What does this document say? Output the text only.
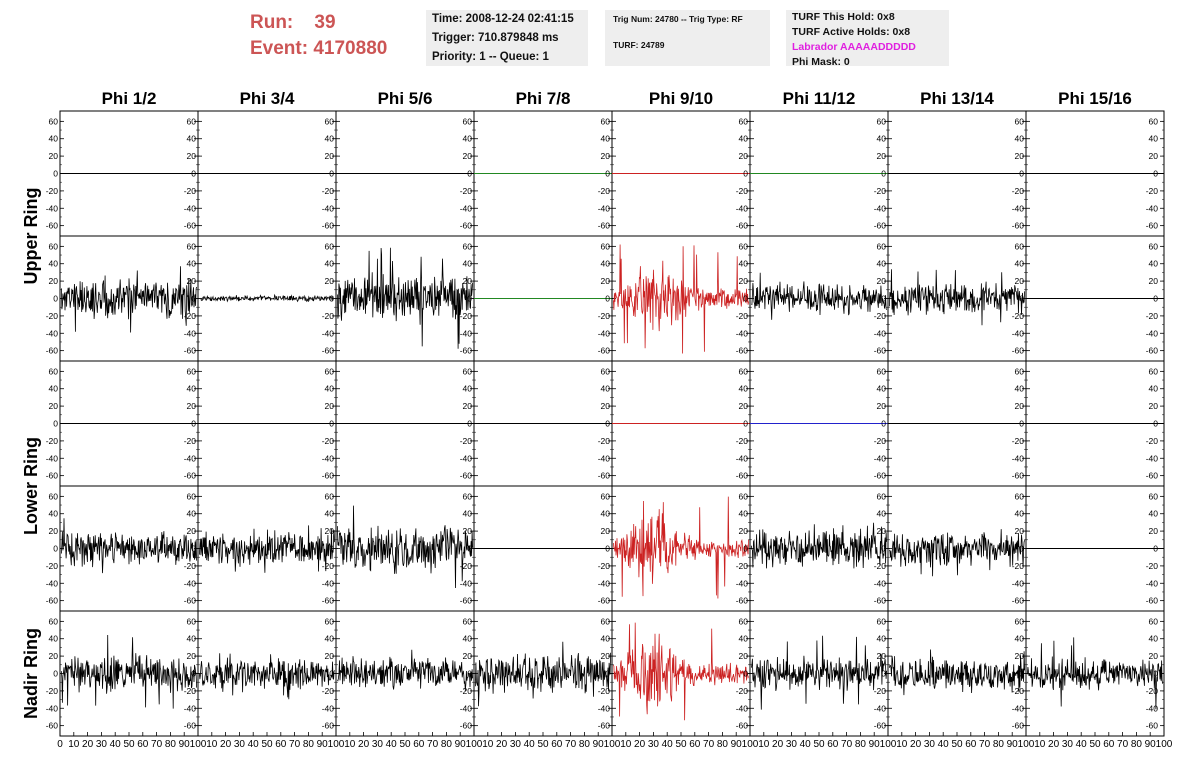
Run: 39
Event: 4170880
Time: 2008-12-24 02:41:15
Trigger: 710.879848 ms
Priority: 1 -- Queue: 1
Trig Num: 24780 -- Trig Type: RF
TURF: 24789
TURF This Hold: 0x8
TURF Active Holds: 0x8
Labrador AAAAADDDDD
Phi Mask: 0
Phi 1/2	Phi 3/4	Phi 5/6	Phi 7/8	Phi 9/10	Phi 11/12	Phi 13/14	Phi 15/16
Upper Ring
Lower Ring
Nadir Ring
60
40
20
0
-20
-40
-60
60
40
20
0
-20
-40
-60
60
40
20
0
-20
-40
-60
60
40
20
0
-20
-40
-60
60
40
20
0
-20
-40
-60
60
40
20
0
-20
-40
-60
60
40
20
0
-20
-40
-60
60	60
40	40
20	20
0	0
-20	-20
-40	-40
-60	-60
60
40
20
0
-20
-40
-60
60
40
20
0
-20
-40
-60
60
40
20
0
-20
-40
-60
60
40
20
0
-20
-40
-60
60
40
20
0
-20
-40
-60
60
40
20
0
-20
-40
-60
60
40
20
0
-20
-40
-60
60	60
40	40
20	20
0	0
-20	-20
-40	-40
-60	-60
60
40
20
0
-20
-40
-60
60
40
20
0
-20
-40
-60
60
40
20
0
-20
-40
-60
60
40
20
0
-20
-40
-60
60
40
20
0
-20
-40
-60
60
40
20
0
-20
-40
-60
60
40
20
0
-20
-40
-60
60	60
40	40
20	20
0	0
-20	-20
-40	-40
-60	-60
60
40
20
0
-20
-40
-60
60
40
20
0
-20
-40
-60
60
40
20
0
-20
-40
-60
60
40
20
0
-20
-40
-60
60
40
20
0
-20
-40
-60
60
40
20
0
-20
-40
-60
60
40
20
0
-20
-40
-60
60	60
40	40
20	20
0	0
-20	-20
-40	-40
-60	-60
60
40
20
0
-20
-40
-60
60
40
20
0
-20
-40
-60
60
40
20
0
-20
-40
-60
60
40
20
0
-20
-40
-60
60
40
20
0
-20
-40
-60
60
40
20
0
-20
-40
-60
60
40
20
0
-20
-40
-60
60	60
40	40
20	20
0	0
-20	-20
-40	-40
-60	-60
0 10 20 30 40 50 60 70 80 90 100 10 20 30 40 50 60 70 80 90 100 10 20 30 40 50 60 70 80 90 100 10 20 30 40 50 60 70 80 90 100 10 20 30 40 50 60 70 80 90 100 10 20 30 40 50 60 70 80 90 100 10 20 30 40 50 60 70 80 90 100 10 20 30 40 50 60 70 80 90 100
